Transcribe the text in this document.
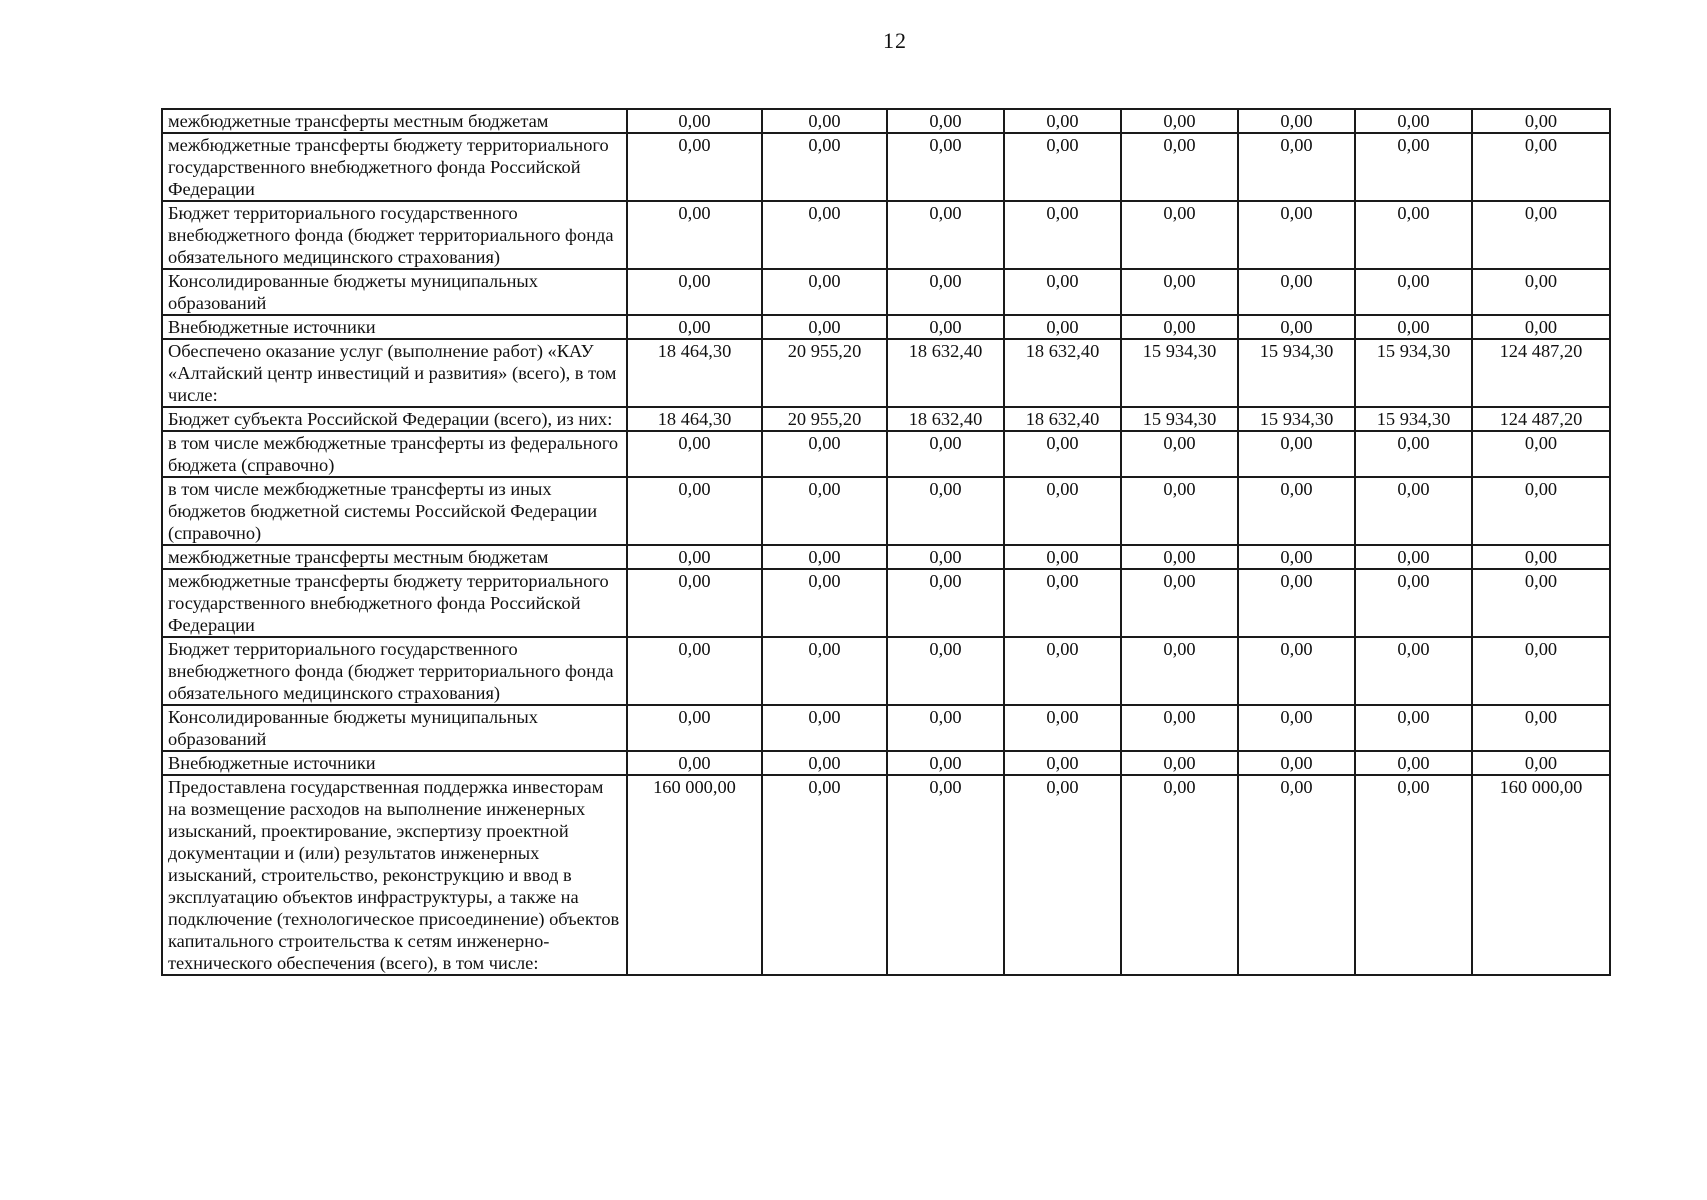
12
межбюджетные трансферты местным бюджетам	0,00	0,00	0,00	0,00	0,00	0,00	0,00	0,00
межбюджетные трансферты бюджету территориального государственного внебюджетного фонда Российской Федерации	0,00	0,00	0,00	0,00	0,00	0,00	0,00	0,00
Бюджет территориального государственного внебюджетного фонда (бюджет территориального фонда обязательного медицинского страхования)	0,00	0,00	0,00	0,00	0,00	0,00	0,00	0,00
Консолидированные бюджеты муниципальных образований	0,00	0,00	0,00	0,00	0,00	0,00	0,00	0,00
Внебюджетные источники	0,00	0,00	0,00	0,00	0,00	0,00	0,00	0,00
Обеспечено оказание услуг (выполнение работ) «КАУ «Алтайский центр инвестиций и развития» (всего), в том числе:	18 464,30	20 955,20	18 632,40	18 632,40	15 934,30	15 934,30	15 934,30	124 487,20
Бюджет субъекта Российской Федерации (всего), из них:	18 464,30	20 955,20	18 632,40	18 632,40	15 934,30	15 934,30	15 934,30	124 487,20
в том числе межбюджетные трансферты из федерального бюджета (справочно)	0,00	0,00	0,00	0,00	0,00	0,00	0,00	0,00
в том числе межбюджетные трансферты из иных бюджетов бюджетной системы Российской Федерации (справочно)	0,00	0,00	0,00	0,00	0,00	0,00	0,00	0,00
межбюджетные трансферты местным бюджетам	0,00	0,00	0,00	0,00	0,00	0,00	0,00	0,00
межбюджетные трансферты бюджету территориального государственного внебюджетного фонда Российской Федерации	0,00	0,00	0,00	0,00	0,00	0,00	0,00	0,00
Бюджет территориального государственного внебюджетного фонда (бюджет территориального фонда обязательного медицинского страхования)	0,00	0,00	0,00	0,00	0,00	0,00	0,00	0,00
Консолидированные бюджеты муниципальных образований	0,00	0,00	0,00	0,00	0,00	0,00	0,00	0,00
Внебюджетные источники	0,00	0,00	0,00	0,00	0,00	0,00	0,00	0,00
Предоставлена государственная поддержка инвесторам на возмещение расходов на выполнение инженерных изысканий, проектирование, экспертизу проектной документации и (или) результатов инженерных изысканий, строительство, реконструкцию и ввод в эксплуатацию объектов инфраструктуры, а также на подключение (технологическое присоединение) объектов капитального строительства к сетям инженерно-технического обеспечения (всего), в том числе:	160 000,00	0,00	0,00	0,00	0,00	0,00	0,00	160 000,00
